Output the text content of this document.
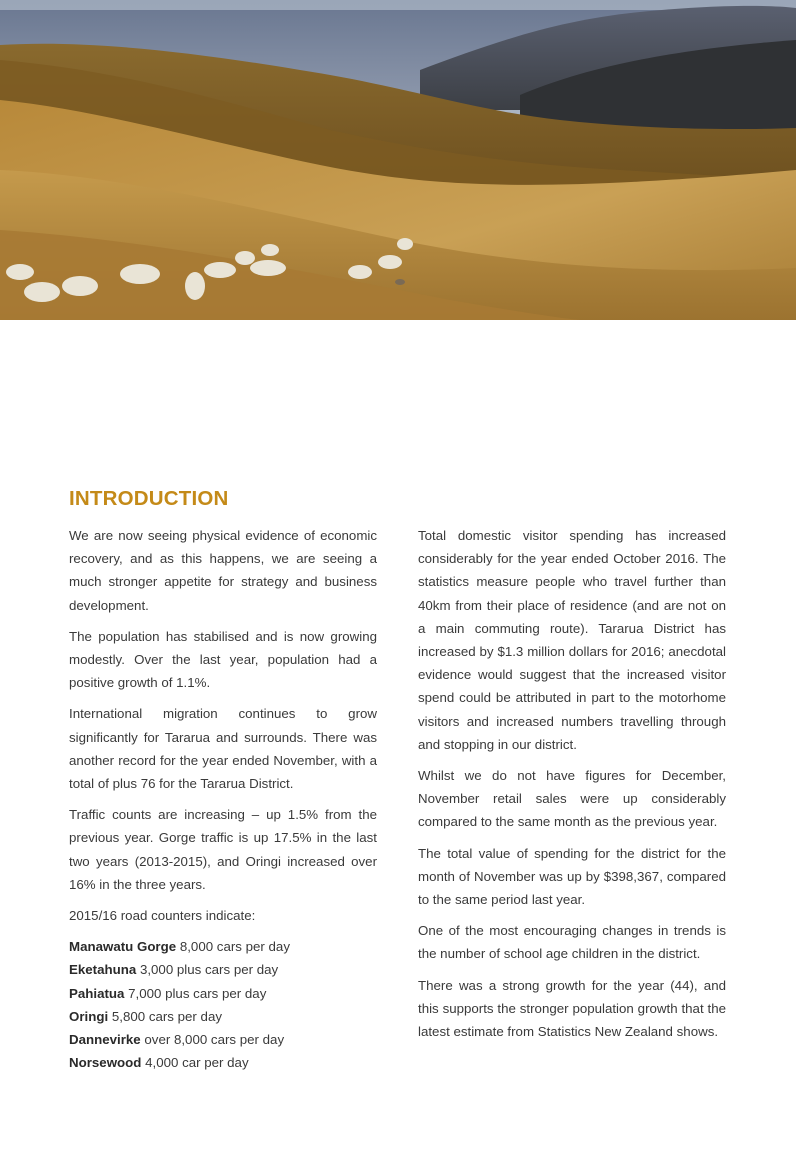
INTRODUCTION

We are now seeing physical evidence of economic recovery, and as this happens, we are seeing a much stronger appetite for strategy and business development.

The population has stabilised and is now growing modestly. Over the last year, population had a positive growth of 1.1%.

International migration continues to grow significantly for Tararua and surrounds. There was another record for the year ended November, with a total of plus 76 for the Tararua District.

Traffic counts are increasing – up 1.5% from the previous year. Gorge traffic is up 17.5% in the last two years (2013-2015), and Oringi increased over 16% in the three years.

2015/16 road counters indicate:

Manawatu Gorge 8,000 cars per day
Eketahuna 3,000 plus cars per day
Pahiatua 7,000 plus cars per day
Oringi 5,800 cars per day
Dannevirke over 8,000 cars per day
Norsewood 4,000 car per day

Total domestic visitor spending has increased considerably for the year ended October 2016. The statistics measure people who travel further than 40km from their place of residence (and are not on a main commuting route). Tararua District has increased by $1.3 million dollars for 2016; anecdotal evidence would suggest that the increased visitor spend could be attributed in part to the motorhome visitors and increased numbers travelling through and stopping in our district.

Whilst we do not have figures for December, November retail sales were up considerably compared to the same month as the previous year.

The total value of spending for the district for the month of November was up by $398,367, compared to the same period last year.

One of the most encouraging changes in trends is the number of school age children in the district.

There was a strong growth for the year (44), and this supports the stronger population growth that the latest estimate from Statistics New Zealand shows.
